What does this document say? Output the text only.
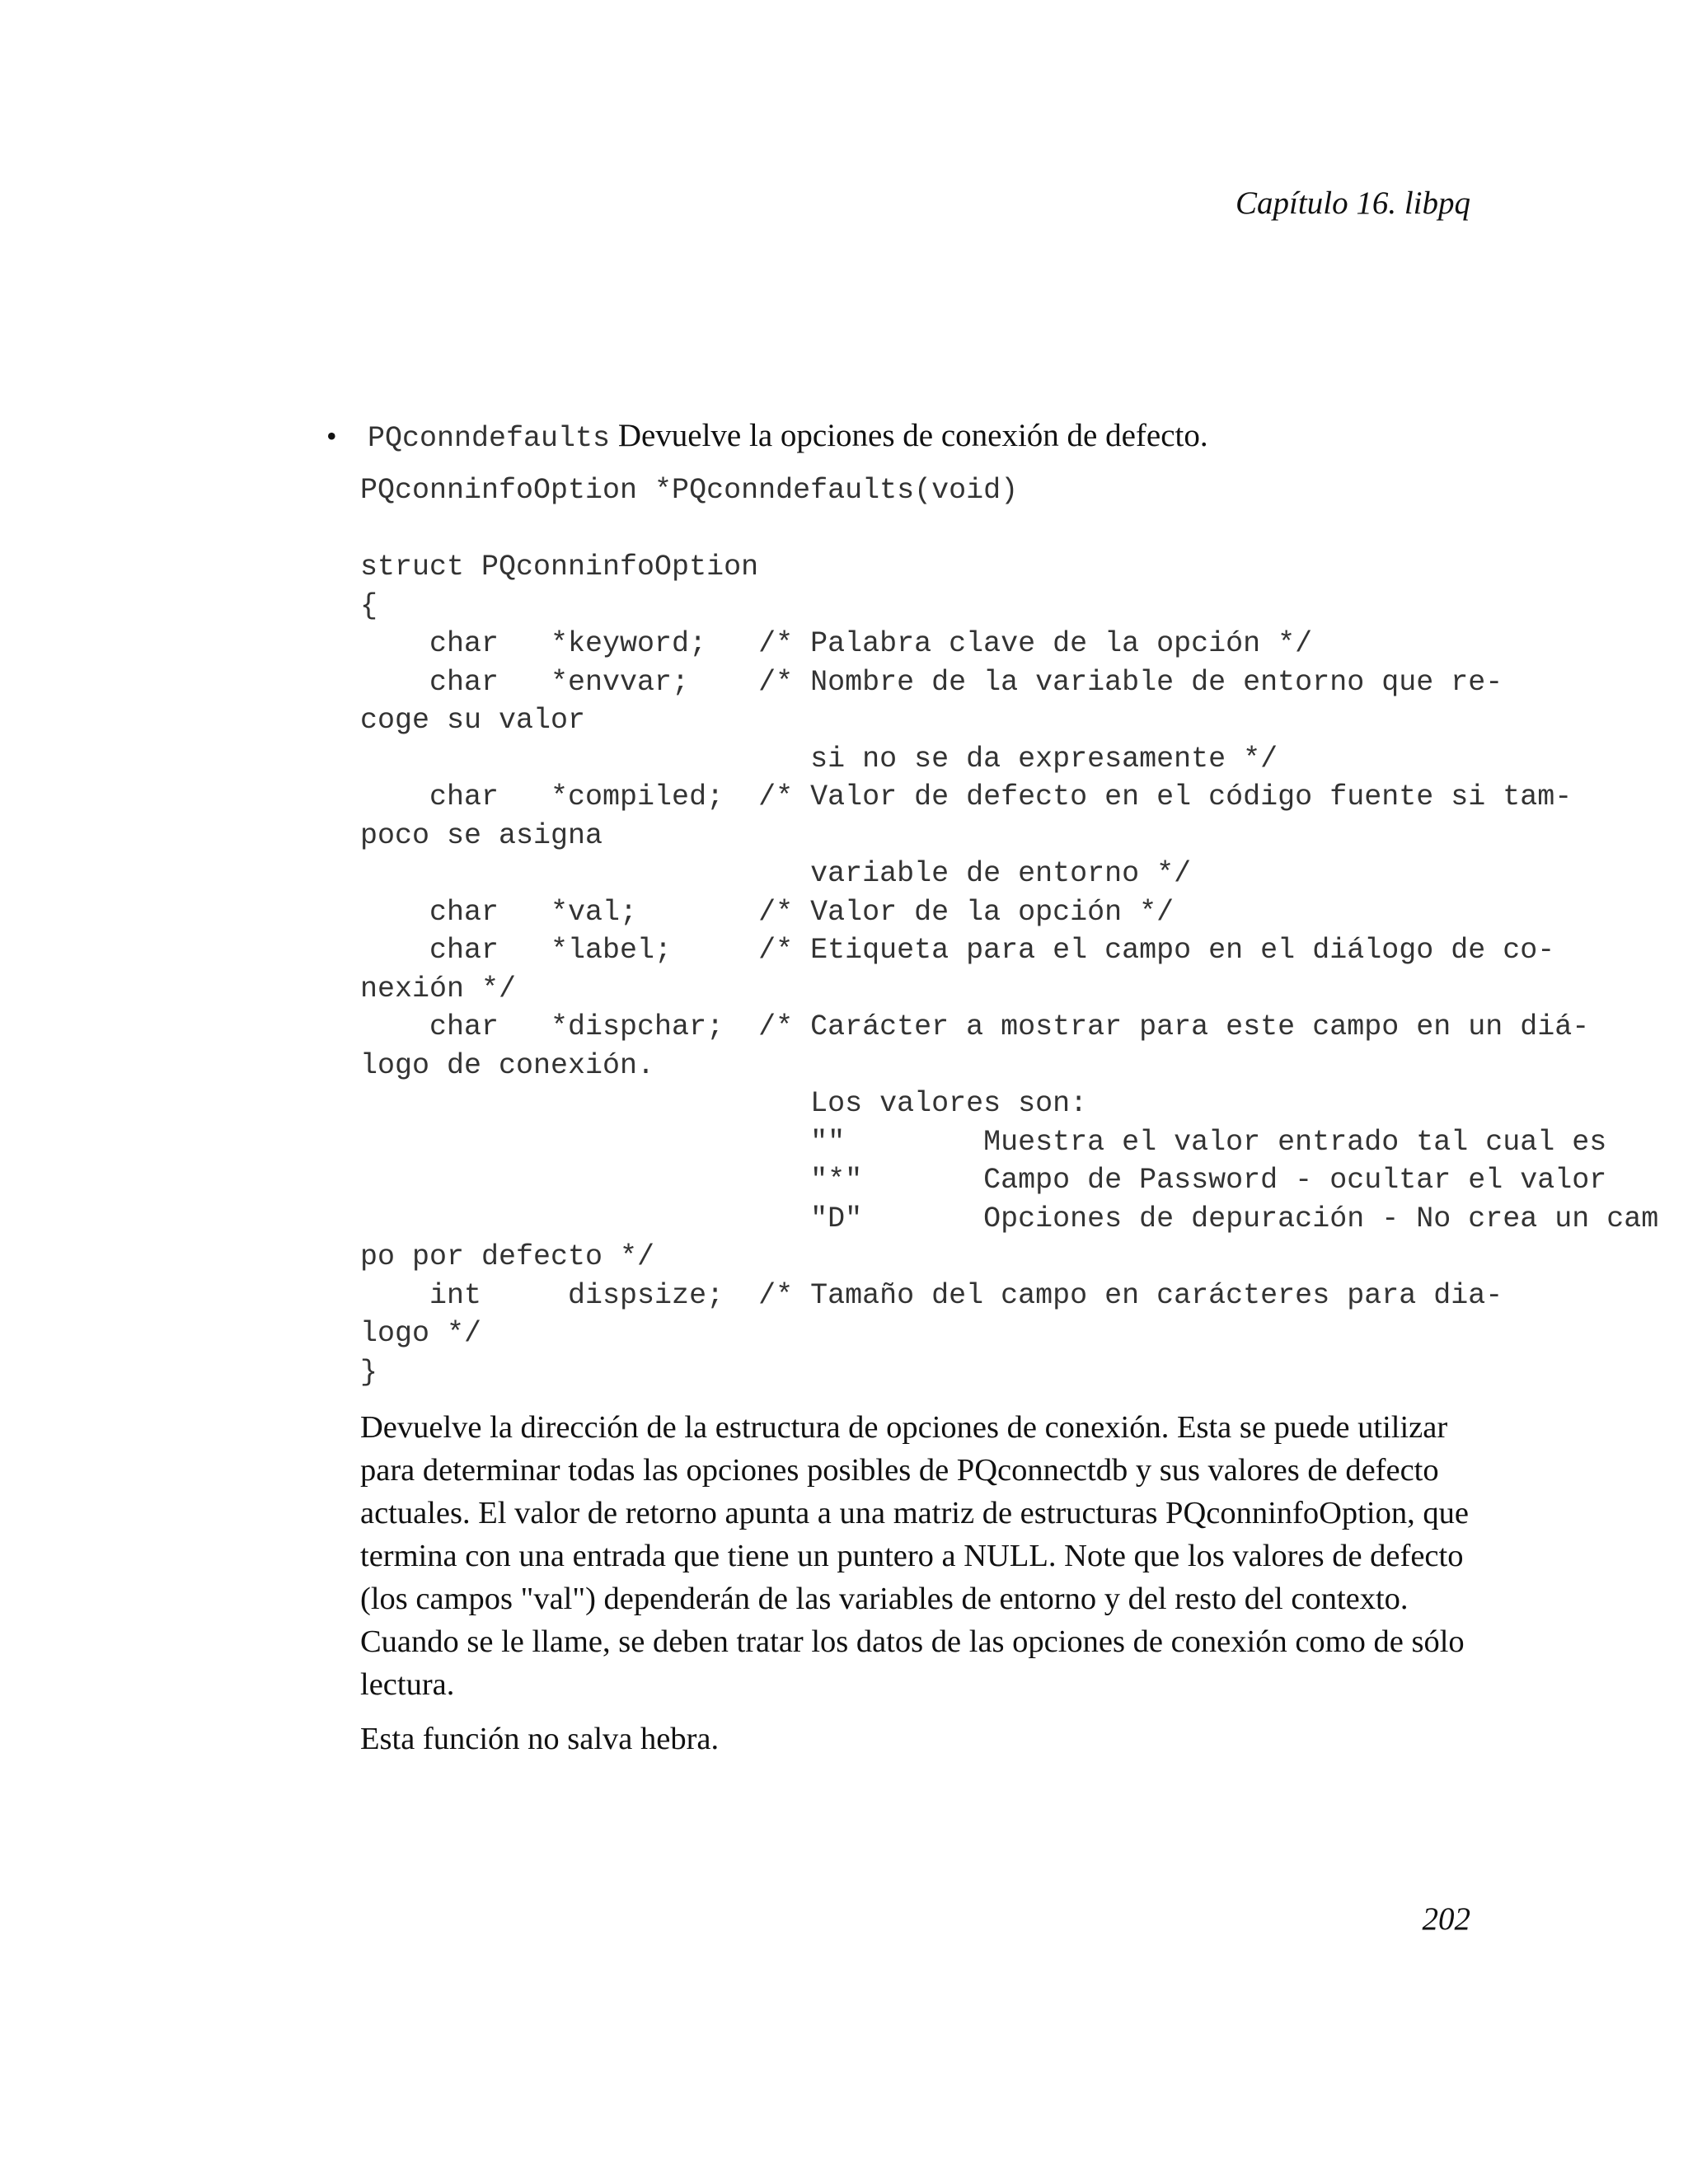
Capítulo 16. libpq
• PQconndefaults Devuelve la opciones de conexión de defecto.
PQconninfoOption *PQconndefaults(void)

struct PQconninfoOption
{
char   *keyword;   /* Palabra clave de la opción */
char   *envvar;    /* Nombre de la variable de entorno que re-
coge su valor
si no se da expresamente */
char   *compiled;  /* Valor de defecto en el código fuente si tam-
poco se asigna
variable de entorno */
char   *val;       /* Valor de la opción */
char   *label;     /* Etiqueta para el campo en el diálogo de co-
nexión */
char   *dispchar;  /* Carácter a mostrar para este campo en un diá-
logo de conexión.
Los valores son:
""        Muestra el valor entrado tal cual es
"*"       Campo de Password - ocultar el valor
"D"       Opciones de depuración - No crea un cam
po por defecto */
int     dispsize;  /* Tamaño del campo en carácteres para dia-
logo */
}

Devuelve la dirección de la estructura de opciones de conexión. Esta se puede utilizar para determinar todas las opciones posibles de PQconnectdb y sus valores de defecto actuales. El valor de retorno apunta a una matriz de estructuras PQconninfoOption, que termina con una entrada que tiene un puntero a NULL. Note que los valores de defecto (los campos "val") dependerán de las variables de entorno y del resto del contexto. Cuando se le llame, se deben tratar los datos de las opciones de conexión como de sólo lectura.

Esta función no salva hebra.

202
